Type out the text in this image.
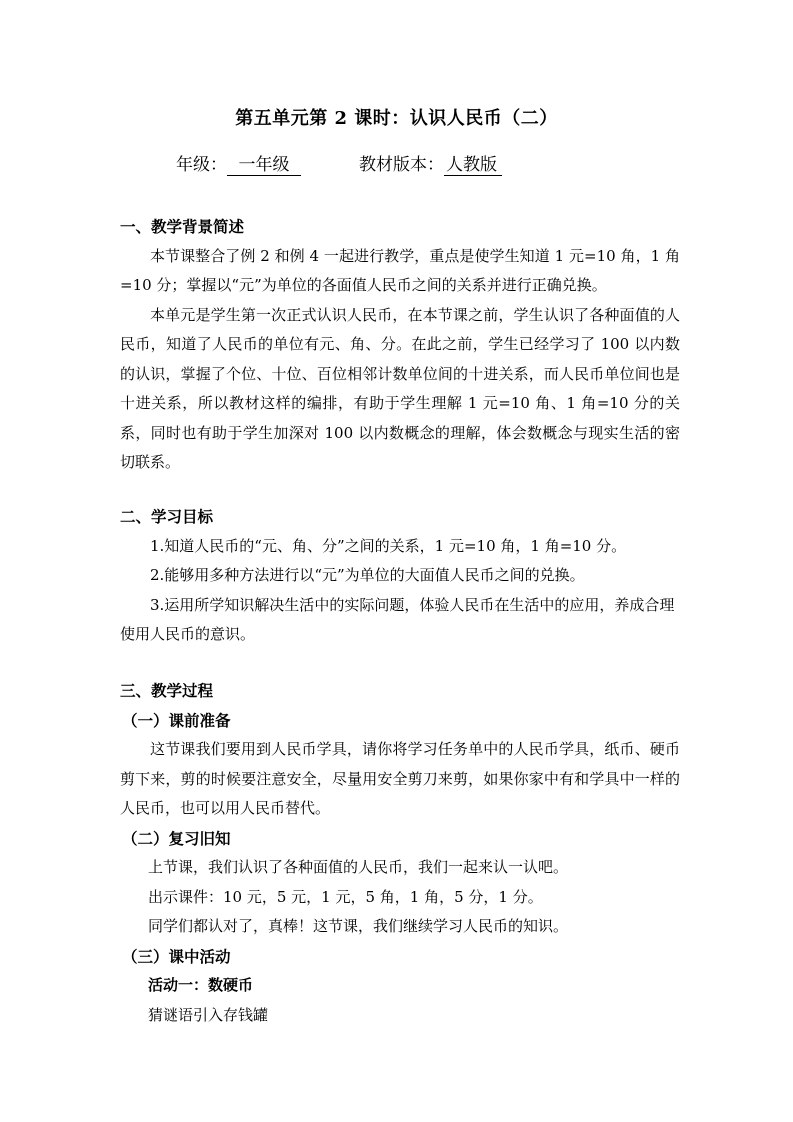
第五单元第 2 课时：认识人民币（二）
年级： 一年级	教材版本： 人教版

一、教学背景简述

本节课整合了例 2 和例 4 一起进行教学，重点是使学生知道 1 元=10 角，1 角=10 分；掌握以“元”为单位的各面值人民币之间的关系并进行正确兑换。

本单元是学生第一次正式认识人民币，在本节课之前，学生认识了各种面值的人民币，知道了人民币的单位有元、角、分。在此之前，学生已经学习了 100 以内数的认识，掌握了个位、十位、百位相邻计数单位间的十进关系，而人民币单位间也是十进关系，所以教材这样的编排，有助于学生理解 1 元=10 角、1 角=10 分的关系，同时也有助于学生加深对 100 以内数概念的理解，体会数概念与现实生活的密切联系。

二、学习目标

1.知道人民币的“元、角、分”之间的关系，1 元=10 角，1 角=10 分。

2.能够用多种方法进行以“元”为单位的大面值人民币之间的兑换。

3.运用所学知识解决生活中的实际问题，体验人民币在生活中的应用，养成合理使用人民币的意识。

三、教学过程

（一）课前准备

这节课我们要用到人民币学具，请你将学习任务单中的人民币学具，纸币、硬币剪下来，剪的时候要注意安全，尽量用安全剪刀来剪，如果你家中有和学具中一样的人民币，也可以用人民币替代。

（二）复习旧知

上节课，我们认识了各种面值的人民币，我们一起来认一认吧。

出示课件：10 元，5 元，1 元，5 角，1 角，5 分，1 分。

同学们都认对了，真棒！这节课，我们继续学习人民币的知识。

（三）课中活动

活动一：数硬币

猜谜语引入存钱罐
